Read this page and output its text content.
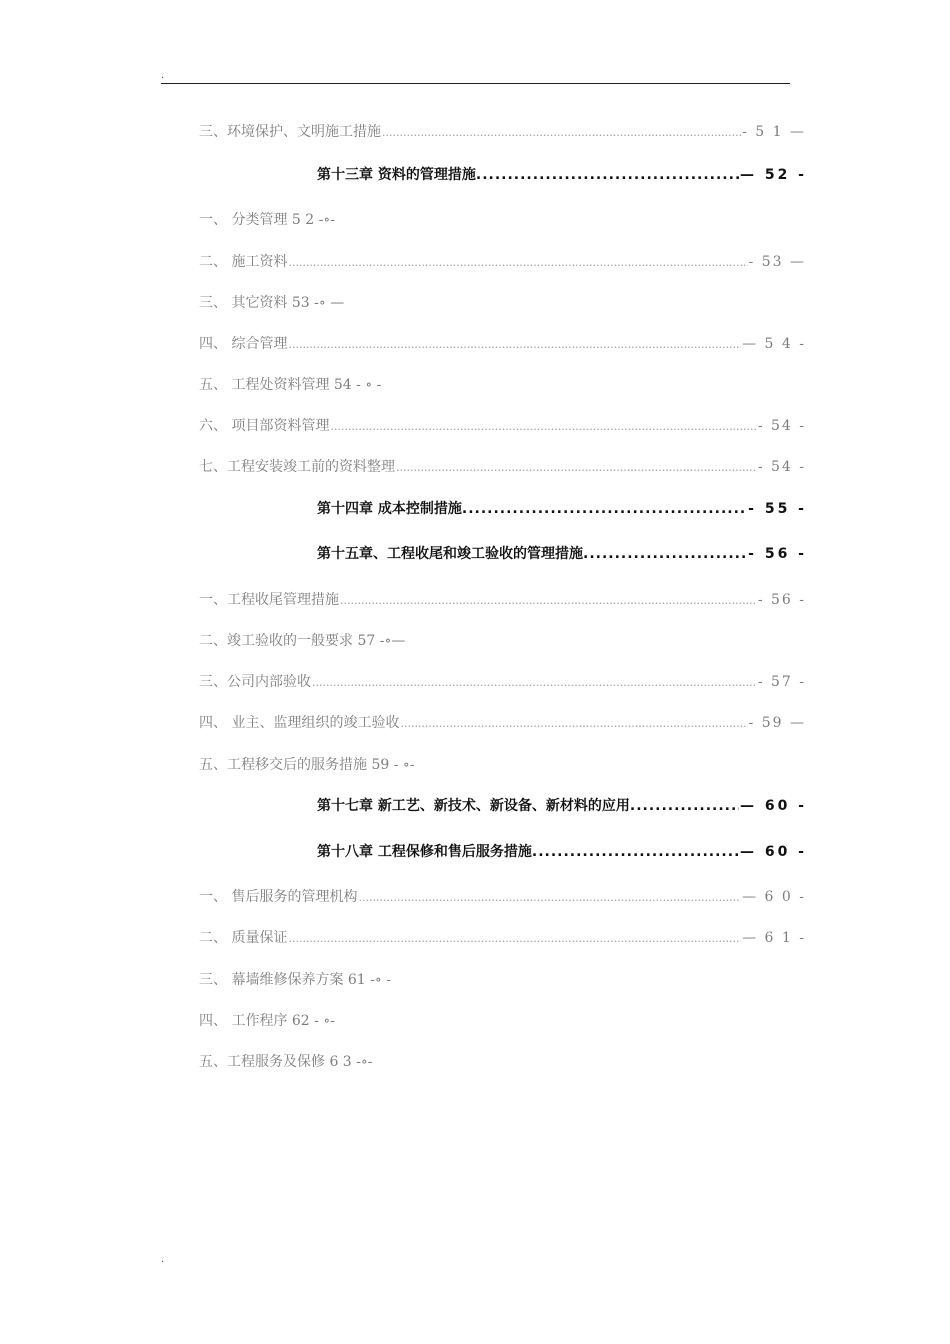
.
三、环境保护、文明施工措施 .....	- 5 1 —
第十三章 资料的管理措施. .....	— 52 -
一、 分类管理 5 2 -∘-
二、 施工资料 .....	- 53 —
三、 其它资料 53 -∘ —
四、 综合管理 .....	— 5 4 -
五、 工程处资料管理 54 - ∘ -
六、 项目部资料管理 .....	- 54 -
七、工程安装竣工前的资料整理 .....	- 54 -
第十四章 成本控制措施. .....	- 55 -
第十五章、工程收尾和竣工验收的管理措施. .....	- 56 -
一、工程收尾管理措施 .....	- 56 -
二、竣工验收的一般要求 57 -∘—
三、公司内部验收 .....	- 57 -
四、 业主、监理组织的竣工验收 .....	- 59 —
五、工程移交后的服务措施 59 - ∘-
第十七章 新工艺、新技术、新设备、新材料的应用. .....	— 60 -
第十八章 工程保修和售后服务措施. .....	— 60 -
一、 售后服务的管理机构 .....	— 6 0 -
二、 质量保证 .....	— 6 1 -
三、 幕墙维修保养方案 61 -∘ -
四、 工作程序 62 - ∘-
五、工程服务及保修 6 3 -∘-
.
